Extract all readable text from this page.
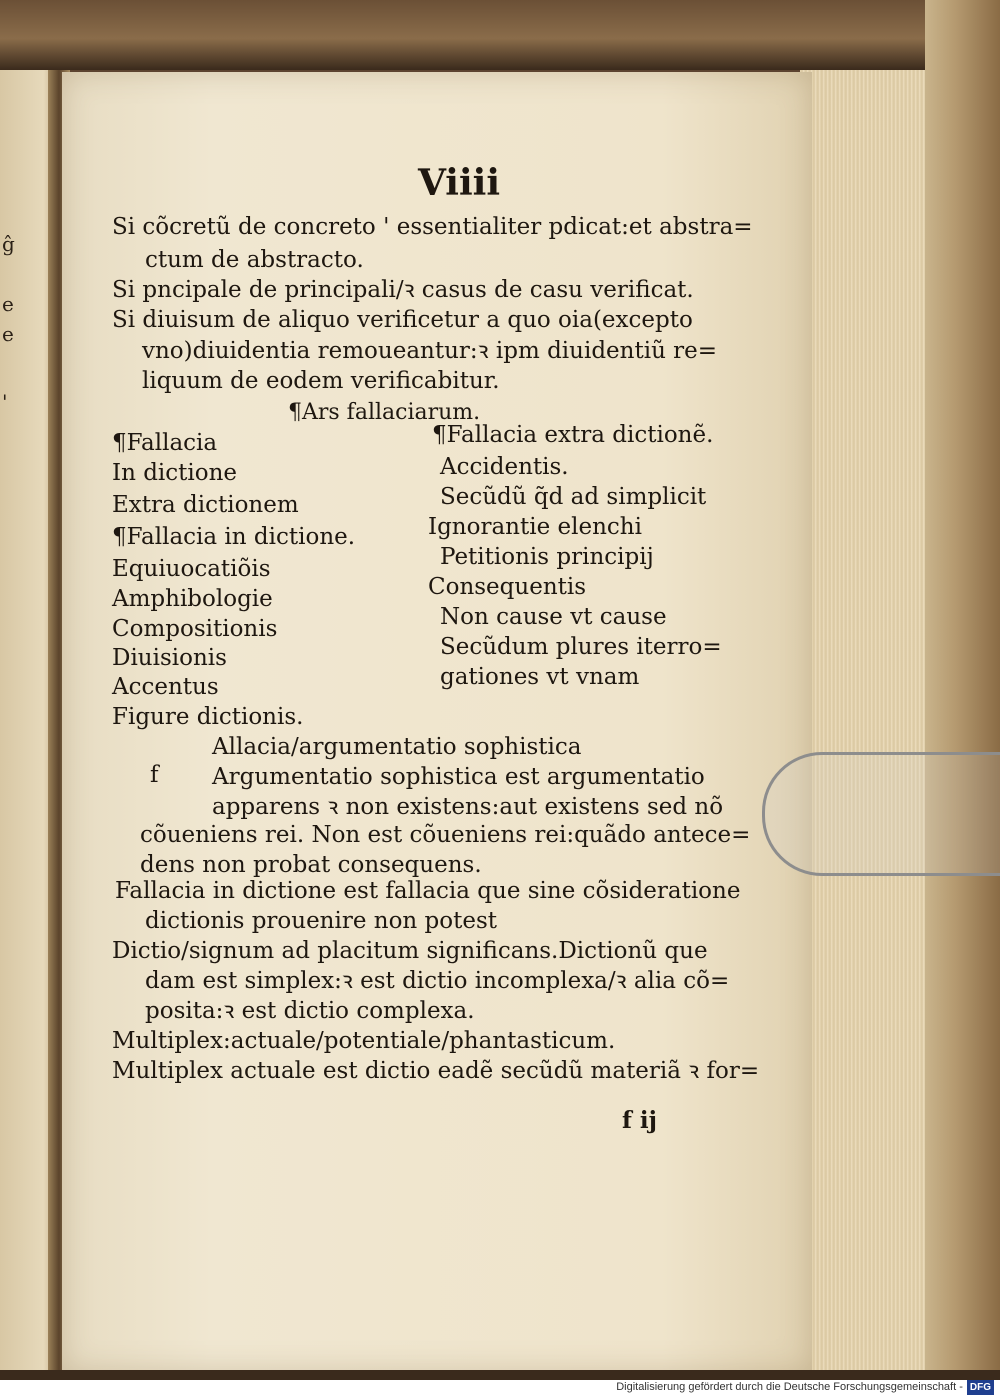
ĝ
e
e
'
Viiii
Si cõcretũ de concreto ' essentialiter pdicat:et abstra=
ctum de abstracto.
Si pncipale de principali/ꝛ casus de casu verificat.
Si diuisum de aliquo verificetur a quo oia(excepto
vno)diuidentia remoueantur:ꝛ ipm diuidentiũ re=
liquum de eodem verificabitur.
¶Ars fallaciarum.
¶Fallacia
In dictione
Extra dictionem
¶Fallacia in dictione.
Equiuocatiõis
Amphibologie
Compositionis
Diuisionis
Accentus
Figure dictionis.
¶Fallacia extra dictionẽ.
Accidentis.
Secũdũ q̃d ad simplicit
Ignorantie elenchi
Petitionis principij
Consequentis
Non cause vt cause
Secũdum plures iterro=
gationes vt vnam
Allacia/argumentatio sophistica
f Argumentatio sophistica est argumentatio
apparens ꝛ non existens:aut existens sed nõ
cõueniens rei. Non est cõueniens rei:quãdo antece=
dens non probat consequens.
Fallacia in dictione est fallacia que sine cõsideratione
dictionis prouenire non potest
Dictio/signum ad placitum significans.Dictionũ que
dam est simplex:ꝛ est dictio incomplexa/ꝛ alia cõ=
posita:ꝛ est dictio complexa.
Multiplex:actuale/potentiale/phantasticum.
Multiplex actuale est dictio eadẽ secũdũ materiã ꝛ for=
f ij
Digitalisierung gefördert durch die Deutsche Forschungsgemeinschaft - DFG
